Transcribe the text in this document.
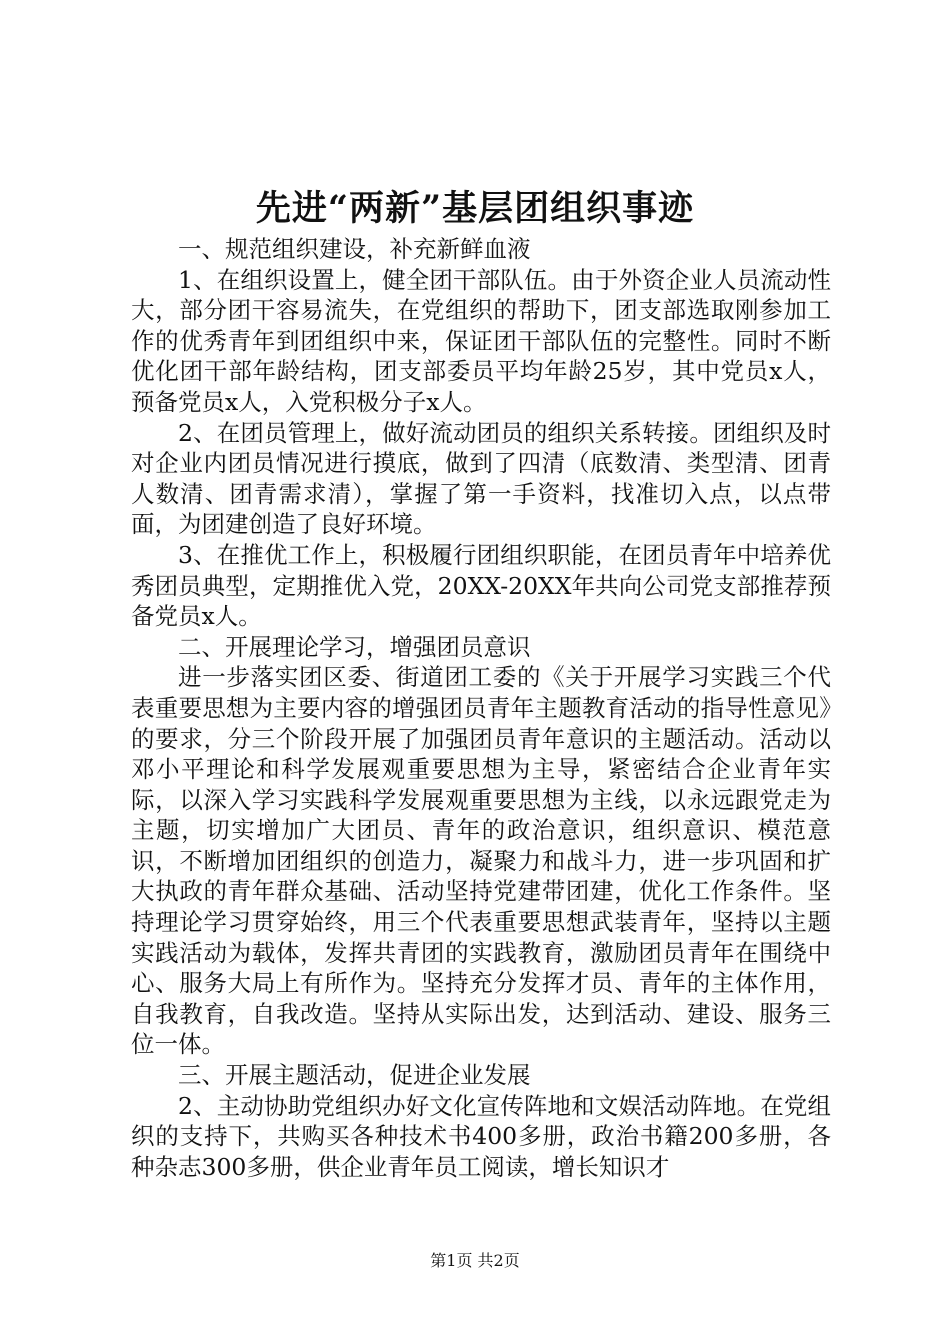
先进“两新”基层团组织事迹

一、规范组织建设，补充新鲜血液

1、在组织设置上，健全团干部队伍。由于外资企业人员流动性大，部分团干容易流失，在党组织的帮助下，团支部选取刚参加工作的优秀青年到团组织中来，保证团干部队伍的完整性。同时不断优化团干部年龄结构，团支部委员平均年龄25岁，其中党员x人，预备党员x人，入党积极分子x人。

2、在团员管理上，做好流动团员的组织关系转接。团组织及时对企业内团员情况进行摸底，做到了四清（底数清、类型清、团青人数清、团青需求清），掌握了第一手资料，找准切入点，以点带面，为团建创造了良好环境。

3、在推优工作上，积极履行团组织职能，在团员青年中培养优秀团员典型，定期推优入党，20XX-20XX年共向公司党支部推荐预备党员x人。

二、开展理论学习，增强团员意识

进一步落实团区委、街道团工委的《关于开展学习实践三个代表重要思想为主要内容的增强团员青年主题教育活动的指导性意见》的要求，分三个阶段开展了加强团员青年意识的主题活动。活动以邓小平理论和科学发展观重要思想为主导，紧密结合企业青年实际，以深入学习实践科学发展观重要思想为主线，以永远跟党走为主题，切实增加广大团员、青年的政治意识，组织意识、模范意识，不断增加团组织的创造力，凝聚力和战斗力，进一步巩固和扩大执政的青年群众基础、活动坚持党建带团建，优化工作条件。坚持理论学习贯穿始终，用三个代表重要思想武装青年，坚持以主题实践活动为载体，发挥共青团的实践教育，激励团员青年在围绕中心、服务大局上有所作为。坚持充分发挥才员、青年的主体作用，自我教育，自我改造。坚持从实际出发，达到活动、建设、服务三位一体。

三、开展主题活动，促进企业发展

2、主动协助党组织办好文化宣传阵地和文娱活动阵地。在党组织的支持下，共购买各种技术书400多册，政治书籍200多册，各种杂志300多册，供企业青年员工阅读，增长知识才

第1页 共2页
